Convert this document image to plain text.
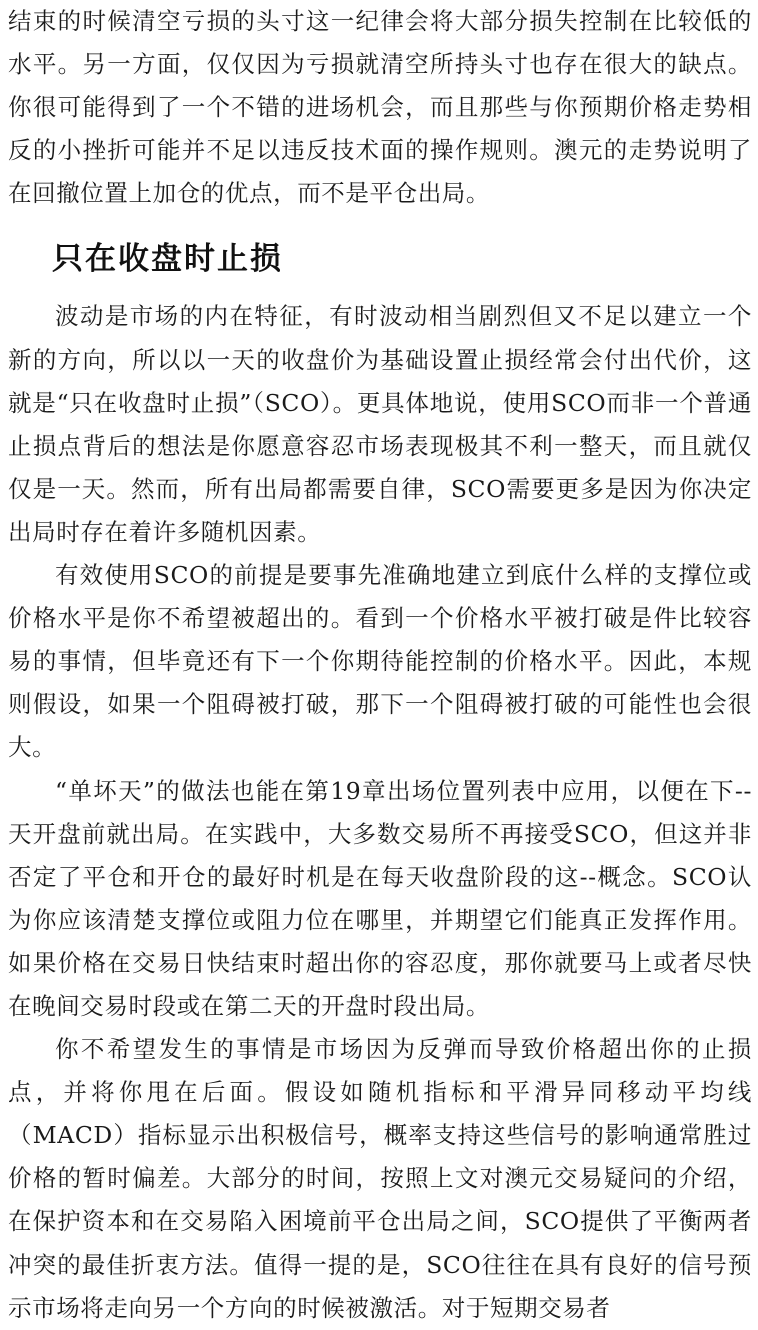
结束的时候清空亏损的头寸这一纪律会将大部分损失控制在比较低的水平。另一方面，仅仅因为亏损就清空所持头寸也存在很大的缺点。你很可能得到了一个不错的进场机会，而且那些与你预期价格走势相反的小挫折可能并不足以违反技术面的操作规则。澳元的走势说明了在回撤位置上加仓的优点，而不是平仓出局。

只在收盘时止损

波动是市场的内在特征，有时波动相当剧烈但又不足以建立一个新的方向，所以以一天的收盘价为基础设置止损经常会付出代价，这就是“只在收盘时止损”（SCO）。更具体地说，使用SCO而非一个普通止损点背后的想法是你愿意容忍市场表现极其不利一整天，而且就仅仅是一天。然而，所有出局都需要自律，SCO需要更多是因为你决定出局时存在着许多随机因素。

有效使用SCO的前提是要事先准确地建立到底什么样的支撑位或价格水平是你不希望被超出的。看到一个价格水平被打破是件比较容易的事情，但毕竟还有下一个你期待能控制的价格水平。因此，本规则假设，如果一个阻碍被打破，那下一个阻碍被打破的可能性也会很大。

“单坏天”的做法也能在第19章出场位置列表中应用，以便在下--天开盘前就出局。在实践中，大多数交易所不再接受SCO，但这并非否定了平仓和开仓的最好时机是在每天收盘阶段的这--概念。SCO认为你应该清楚支撑位或阻力位在哪里，并期望它们能真正发挥作用。如果价格在交易日快结束时超出你的容忍度，那你就要马上或者尽快在晚间交易时段或在第二天的开盘时段出局。

你不希望发生的事情是市场因为反弹而导致价格超出你的止损点，并将你甩在后面。假设如随机指标和平滑异同移动平均线（MACD）指标显示出积极信号，概率支持这些信号的影响通常胜过价格的暂时偏差。大部分的时间，按照上文对澳元交易疑问的介绍，在保护资本和在交易陷入困境前平仓出局之间，SCO提供了平衡两者冲突的最佳折衷方法。值得一提的是，SCO往往在具有良好的信号预示市场将走向另一个方向的时候被激活。对于短期交易者
